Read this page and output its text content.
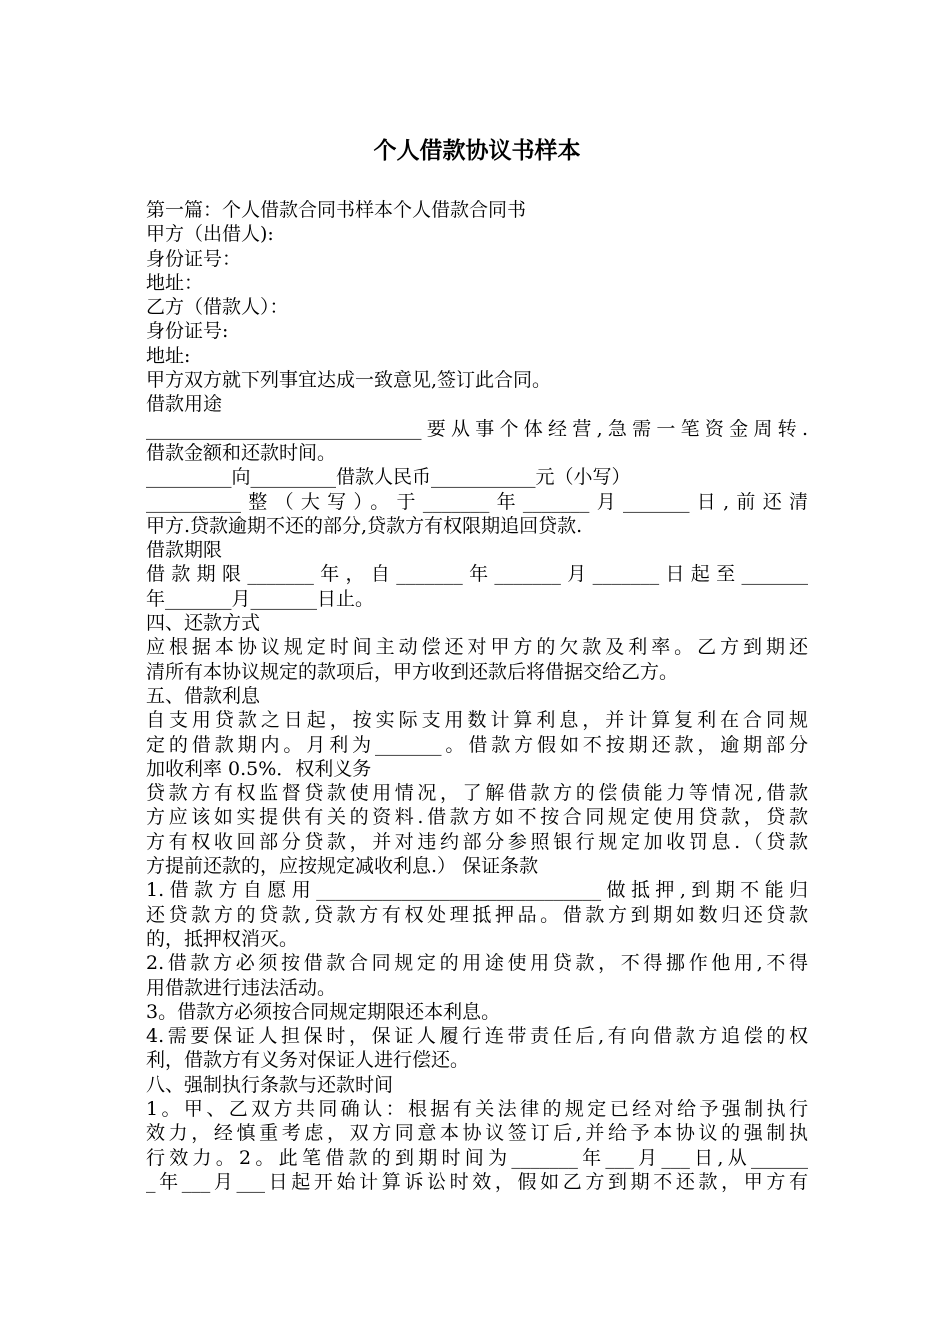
个人借款协议书样本
第一篇：个人借款合同书样本个人借款合同书
甲方（出借人):
身份证号：
地址：
乙方（借款人）：
身份证号:
地址:
甲方双方就下列事宜达成一致意见,签订此合同。
借款用途
_____________________________要从事个体经营,急需一笔资金周转.
借款金额和还款时间。
_________向_________借款人民币___________元（小写）
__________整（大写）。于_______年_______月_______日,前还清
甲方.贷款逾期不还的部分,贷款方有权限期追回贷款.
借款期限
借款期限_______年，自_______年_______月_______日起至_______
年_______月_______日止。
四、还款方式
应根据本协议规定时间主动偿还对甲方的欠款及利率。乙方到期还
清所有本协议规定的款项后，甲方收到还款后将借据交给乙方。
五、借款利息
自支用贷款之日起，按实际支用数计算利息，并计算复利在合同规
定的借款期内。月利为_______。借款方假如不按期还款，逾期部分
加收利率 0.5%．权利义务
贷款方有权监督贷款使用情况，了解借款方的偿债能力等情况,借款
方应该如实提供有关的资料.借款方如不按合同规定使用贷款，贷款
方有权收回部分贷款，并对违约部分参照银行规定加收罚息.（贷款
方提前还款的，应按规定减收利息.） 保证条款
1.借款方自愿用______________________________做抵押,到期不能归
还贷款方的贷款,贷款方有权处理抵押品。借款方到期如数归还贷款
的，抵押权消灭。
2.借款方必须按借款合同规定的用途使用贷款，不得挪作他用,不得
用借款进行违法活动。
3。借款方必须按合同规定期限还本利息。
4.需要保证人担保时，保证人履行连带责任后,有向借款方追偿的权
利，借款方有义务对保证人进行偿还。
八、强制执行条款与还款时间
1。甲、乙双方共同确认：根据有关法律的规定已经对给予强制执行
效力，经慎重考虑，双方同意本协议签订后,并给予本协议的强制执
行效力。2。此笔借款的到期时间为_______年___月___日,从______
_年___月___日起开始计算诉讼时效，假如乙方到期不还款，甲方有
